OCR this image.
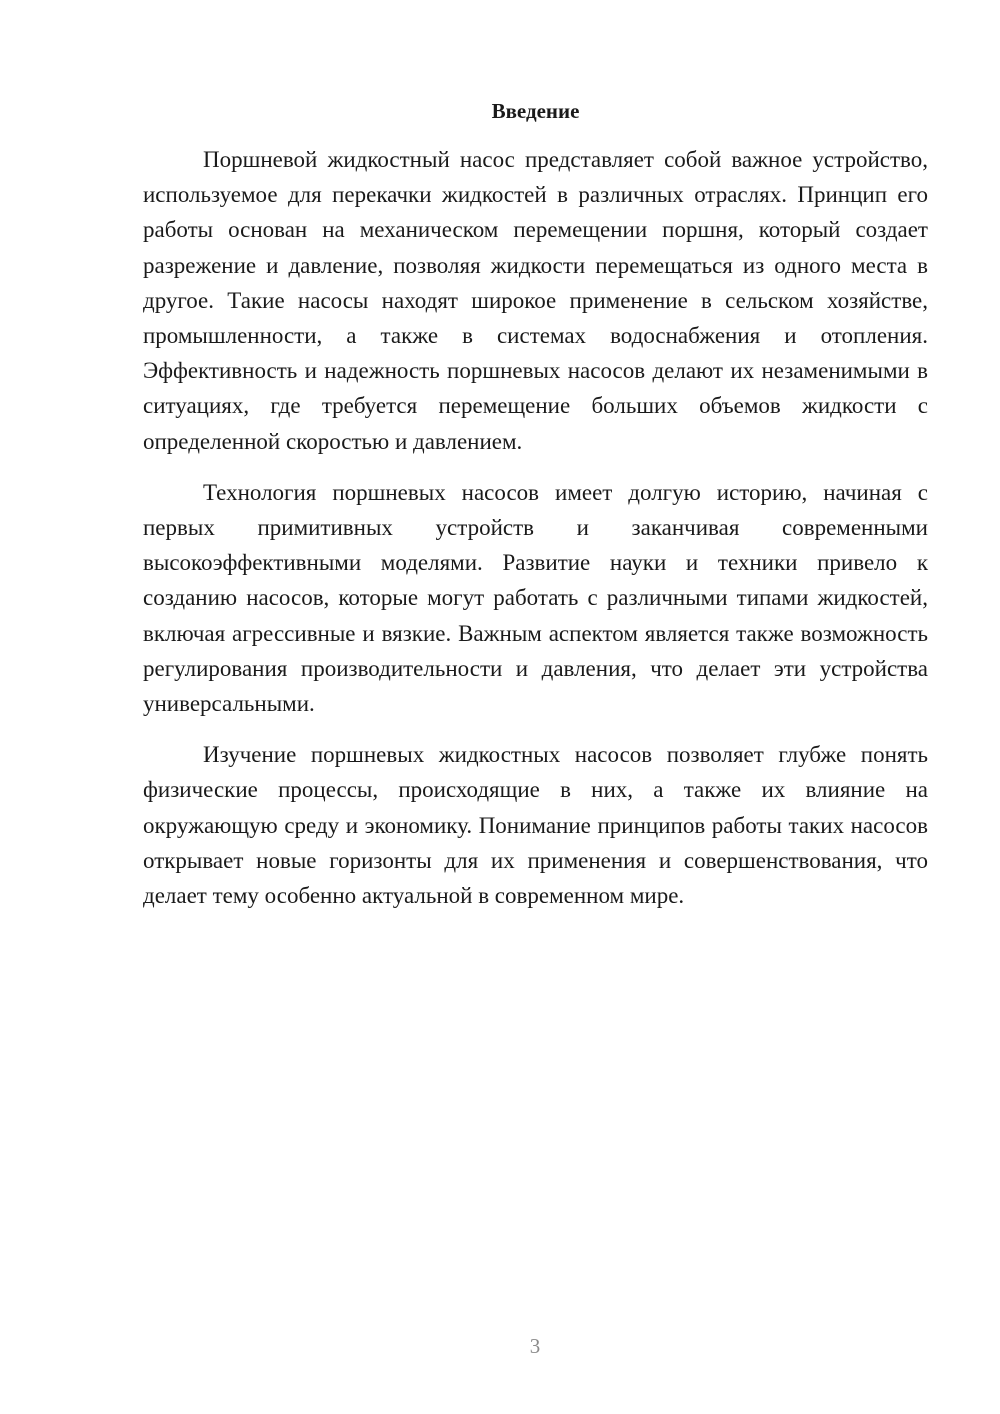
Введение

Поршневой жидкостный насос представляет собой важное устройство, используемое для перекачки жидкостей в различных отраслях. Принцип его работы основан на механическом перемещении поршня, который создает разрежение и давление, позволяя жидкости перемещаться из одного места в другое. Такие насосы находят широкое применение в сельском хозяйстве, промышленности, а также в системах водоснабжения и отопления. Эффективность и надежность поршневых насосов делают их незаменимыми в ситуациях, где требуется перемещение больших объемов жидкости с определенной скоростью и давлением.

Технология поршневых насосов имеет долгую историю, начиная с первых примитивных устройств и заканчивая современными высокоэффективными моделями. Развитие науки и техники привело к созданию насосов, которые могут работать с различными типами жидкостей, включая агрессивные и вязкие. Важным аспектом является также возможность регулирования производительности и давления, что делает эти устройства универсальными.

Изучение поршневых жидкостных насосов позволяет глубже понять физические процессы, происходящие в них, а также их влияние на окружающую среду и экономику. Понимание принципов работы таких насосов открывает новые горизонты для их применения и совершенствования, что делает тему особенно актуальной в современном мире.

3
